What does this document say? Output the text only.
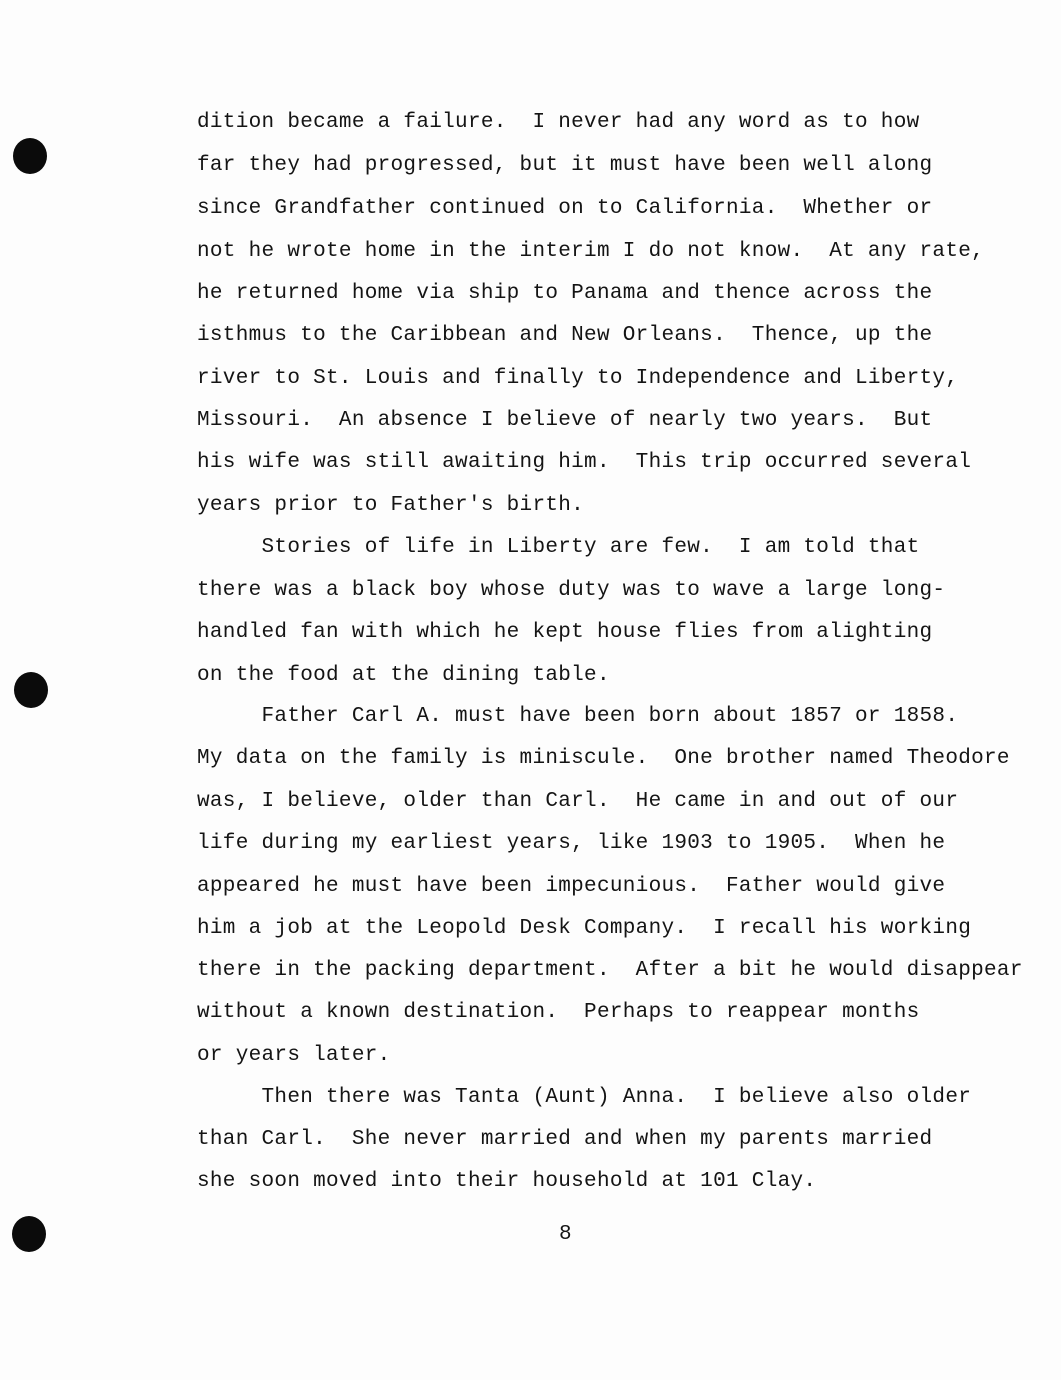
dition became a failure.  I never had any word as to how
far they had progressed, but it must have been well along
since Grandfather continued on to California.  Whether or
not he wrote home in the interim I do not know.  At any rate,
he returned home via ship to Panama and thence across the
isthmus to the Caribbean and New Orleans.  Thence, up the
river to St. Louis and finally to Independence and Liberty,
Missouri.  An absence I believe of nearly two years.  But
his wife was still awaiting him.  This trip occurred several
years prior to Father's birth.
Stories of life in Liberty are few.  I am told that
there was a black boy whose duty was to wave a large long-
handled fan with which he kept house flies from alighting
on the food at the dining table.
Father Carl A. must have been born about 1857 or 1858.
My data on the family is miniscule.  One brother named Theodore
was, I believe, older than Carl.  He came in and out of our
life during my earliest years, like 1903 to 1905.  When he
appeared he must have been impecunious.  Father would give
him a job at the Leopold Desk Company.  I recall his working
there in the packing department.  After a bit he would disappear
without a known destination.  Perhaps to reappear months
or years later.
Then there was Tanta (Aunt) Anna.  I believe also older
than Carl.  She never married and when my parents married
she soon moved into their household at 101 Clay.
8
